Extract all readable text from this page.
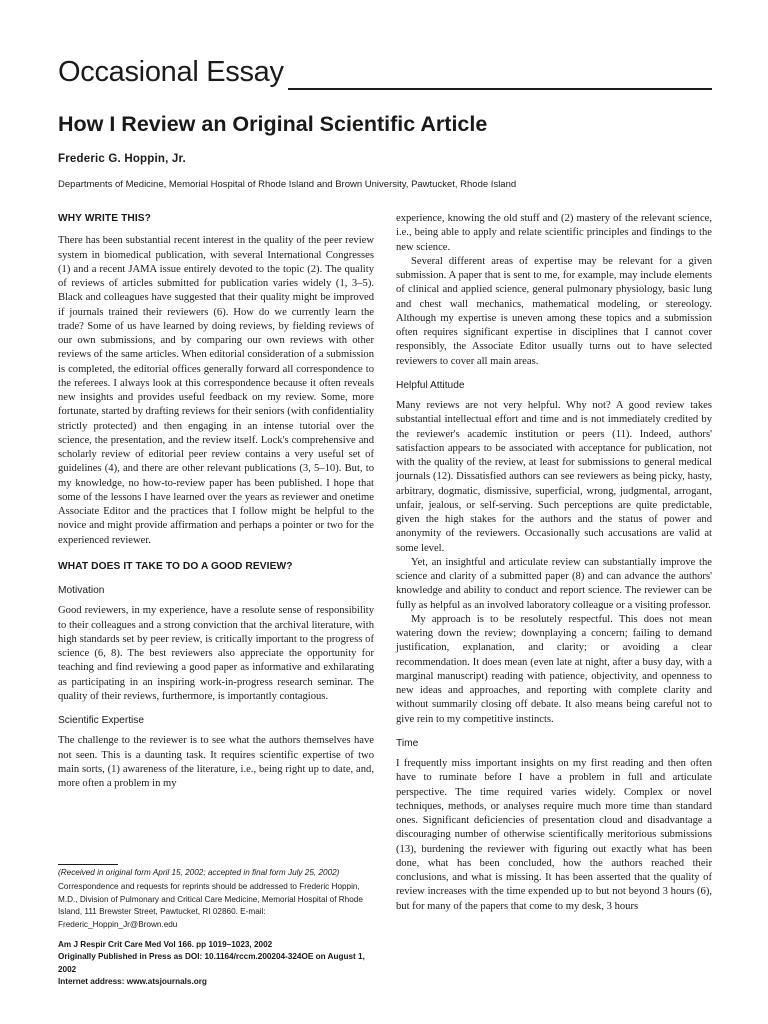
Occasional Essay
How I Review an Original Scientific Article
Frederic G. Hoppin, Jr.
Departments of Medicine, Memorial Hospital of Rhode Island and Brown University, Pawtucket, Rhode Island
WHY WRITE THIS?

There has been substantial recent interest in the quality of the peer review system in biomedical publication, with several International Congresses (1) and a recent JAMA issue entirely devoted to the topic (2). The quality of reviews of articles submitted for publication varies widely (1, 3–5). Black and colleagues have suggested that their quality might be improved if journals trained their reviewers (6). How do we currently learn the trade? Some of us have learned by doing reviews, by fielding reviews of our own submissions, and by comparing our own reviews with other reviews of the same articles. When editorial consideration of a submission is completed, the editorial offices generally forward all correspondence to the referees. I always look at this correspondence because it often reveals new insights and provides useful feedback on my review. Some, more fortunate, started by drafting reviews for their seniors (with confidentiality strictly protected) and then engaging in an intense tutorial over the science, the presentation, and the review itself. Lock's comprehensive and scholarly review of editorial peer review contains a very useful set of guidelines (4), and there are other relevant publications (3, 5–10). But, to my knowledge, no how-to-review paper has been published. I hope that some of the lessons I have learned over the years as reviewer and onetime Associate Editor and the practices that I follow might be helpful to the novice and might provide affirmation and perhaps a pointer or two for the experienced reviewer.

WHAT DOES IT TAKE TO DO A GOOD REVIEW?
Motivation

Good reviewers, in my experience, have a resolute sense of responsibility to their colleagues and a strong conviction that the archival literature, with high standards set by peer review, is critically important to the progress of science (6, 8). The best reviewers also appreciate the opportunity for teaching and find reviewing a good paper as informative and exhilarating as participating in an inspiring work-in-progress research seminar. The quality of their reviews, furthermore, is importantly contagious.

Scientific Expertise

The challenge to the reviewer is to see what the authors themselves have not seen. This is a daunting task. It requires scientific expertise of two main sorts, (1) awareness of the literature, i.e., being right up to date, and, more often a problem in my

experience, knowing the old stuff and (2) mastery of the relevant science, i.e., being able to apply and relate scientific principles and findings to the new science.

Several different areas of expertise may be relevant for a given submission. A paper that is sent to me, for example, may include elements of clinical and applied science, general pulmonary physiology, basic lung and chest wall mechanics, mathematical modeling, or stereology. Although my expertise is uneven among these topics and a submission often requires significant expertise in disciplines that I cannot cover responsibly, the Associate Editor usually turns out to have selected reviewers to cover all main areas.

Helpful Attitude

Many reviews are not very helpful. Why not? A good review takes substantial intellectual effort and time and is not immediately credited by the reviewer's academic institution or peers (11). Indeed, authors' satisfaction appears to be associated with acceptance for publication, not with the quality of the review, at least for submissions to general medical journals (12). Dissatisfied authors can see reviewers as being picky, hasty, arbitrary, dogmatic, dismissive, superficial, wrong, judgmental, arrogant, unfair, jealous, or self-serving. Such perceptions are quite predictable, given the high stakes for the authors and the status of power and anonymity of the reviewers. Occasionally such accusations are valid at some level.

Yet, an insightful and articulate review can substantially improve the science and clarity of a submitted paper (8) and can advance the authors' knowledge and ability to conduct and report science. The reviewer can be fully as helpful as an involved laboratory colleague or a visiting professor.

My approach is to be resolutely respectful. This does not mean watering down the review; downplaying a concern; failing to demand justification, explanation, and clarity; or avoiding a clear recommendation. It does mean (even late at night, after a busy day, with a marginal manuscript) reading with patience, objectivity, and openness to new ideas and approaches, and reporting with complete clarity and without summarily closing off debate. It also means being careful not to give rein to my competitive instincts.

Time

I frequently miss important insights on my first reading and then often have to ruminate before I have a problem in full and articulate perspective. The time required varies widely. Complex or novel techniques, methods, or analyses require much more time than standard ones. Significant deficiencies of presentation cloud and disadvantage a discouraging number of otherwise scientifically meritorious submissions (13), burdening the reviewer with figuring out exactly what has been done, what has been concluded, how the authors reached their conclusions, and what is missing. It has been asserted that the quality of review increases with the time expended up to but not beyond 3 hours (6), but for many of the papers that come to my desk, 3 hours

(Received in original form April 15, 2002; accepted in final form July 25, 2002)
Correspondence and requests for reprints should be addressed to Frederic Hoppin, M.D., Division of Pulmonary and Critical Care Medicine, Memorial Hospital of Rhode Island, 111 Brewster Street, Pawtucket, RI 02860. E-mail: Frederic_Hoppin_Jr@Brown.edu
Am J Respir Crit Care Med Vol 166. pp 1019–1023, 2002
Originally Published in Press as DOI: 10.1164/rccm.200204-324OE on August 1, 2002
Internet address: www.atsjournals.org
